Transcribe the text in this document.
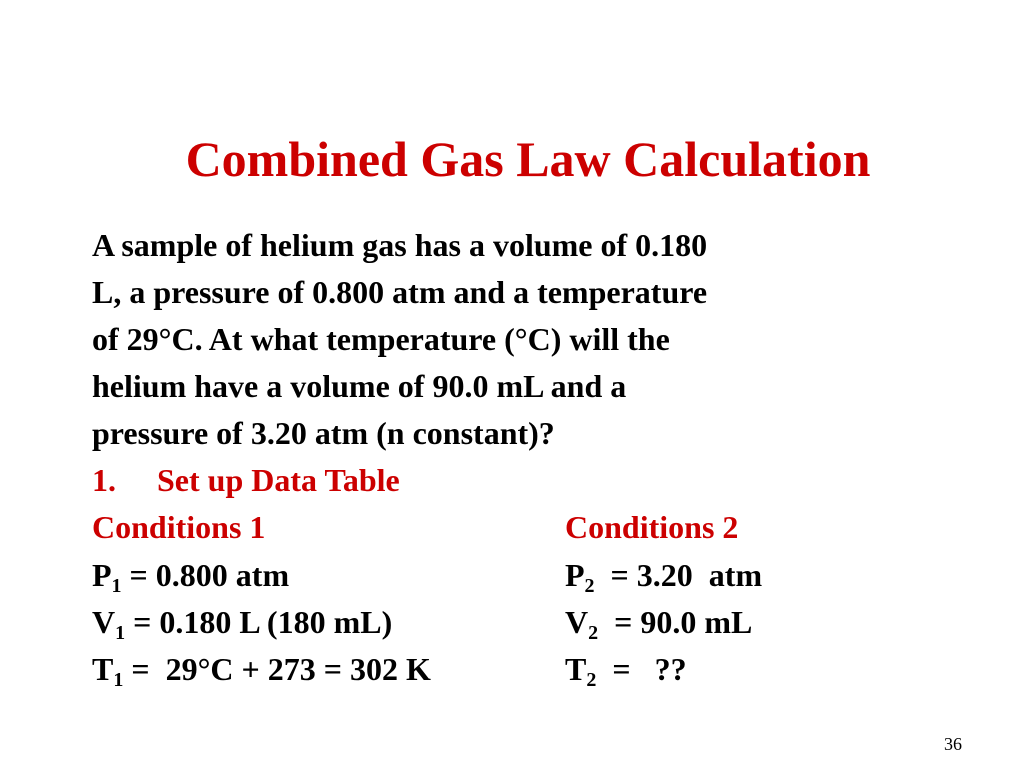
Combined Gas Law Calculation
A sample of helium gas has a volume of 0.180
L, a pressure of 0.800 atm and a temperature
of 29°C. At what temperature (°C) will the
helium have a volume of 90.0 mL and a
pressure of 3.20 atm (n constant)?
1. Set up Data Table
Conditions 1	Conditions 2
$P_1 = 0.800$ atm	$P_2 = 3.20$  atm
$V_1 = 0.180$ L (180 mL)	$V_2 = 90.0$ mL
$T_1 = 29^\circ C + 273 = 302$ K	$T_2$  =   ??
36
